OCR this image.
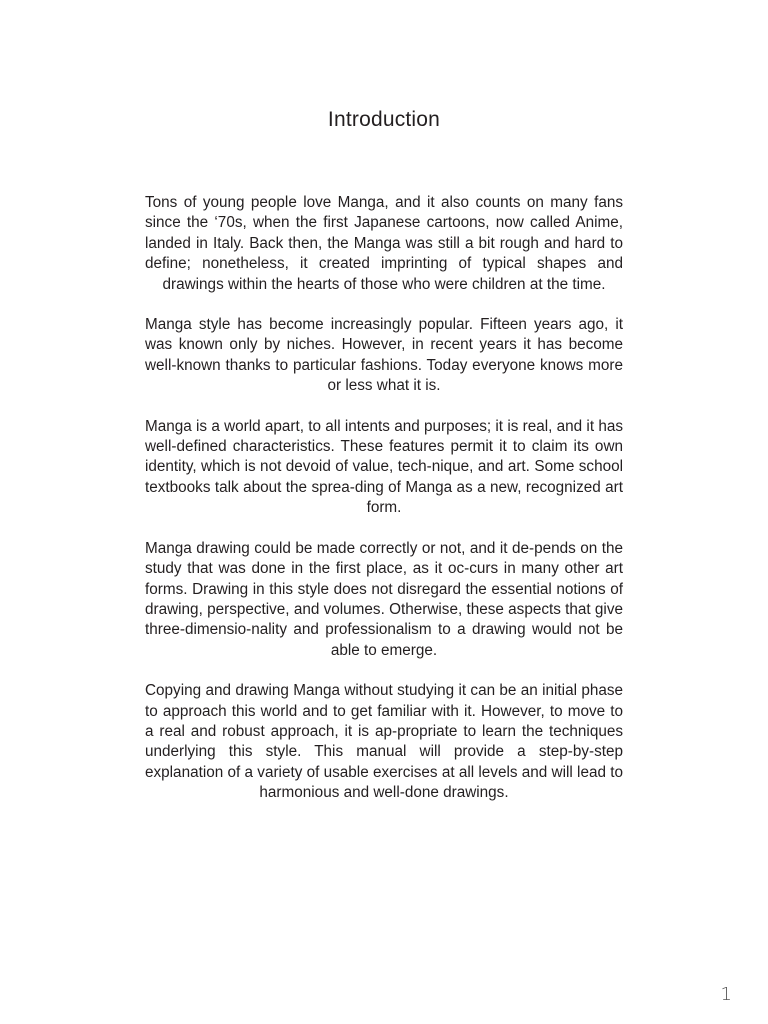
Introduction

Tons of young people love Manga, and it also counts on many fans since the ‘70s, when the first Japanese cartoons, now called Anime, landed in Italy. Back then, the Manga was still a bit rough and hard to define; nonetheless, it created imprinting of typical shapes and drawings within the hearts of those who were children at the time.

Manga style has become increasingly popular. Fifteen years ago, it was known only by niches. However, in recent years it has become well-known thanks to particular fashions. Today everyone knows more or less what it is.

Manga is a world apart, to all intents and purposes; it is real, and it has well-defined characteristics. These features permit it to claim its own identity, which is not devoid of value, tech-nique, and art. Some school textbooks talk about the sprea-ding of Manga as a new, recognized art form.

Manga drawing could be made correctly or not, and it de-pends on the study that was done in the first place, as it oc-curs in many other art forms. Drawing in this style does not disregard the essential notions of drawing, perspective, and volumes. Otherwise, these aspects that give three-dimensio-nality and professionalism to a drawing would not be able to emerge.

Copying and drawing Manga without studying it can be an initial phase to approach this world and to get familiar with it. However, to move to a real and robust approach, it is ap-propriate to learn the techniques underlying this style. This manual will provide a step-by-step explanation of a variety of usable exercises at all levels and will lead to harmonious and well-done drawings.

1
